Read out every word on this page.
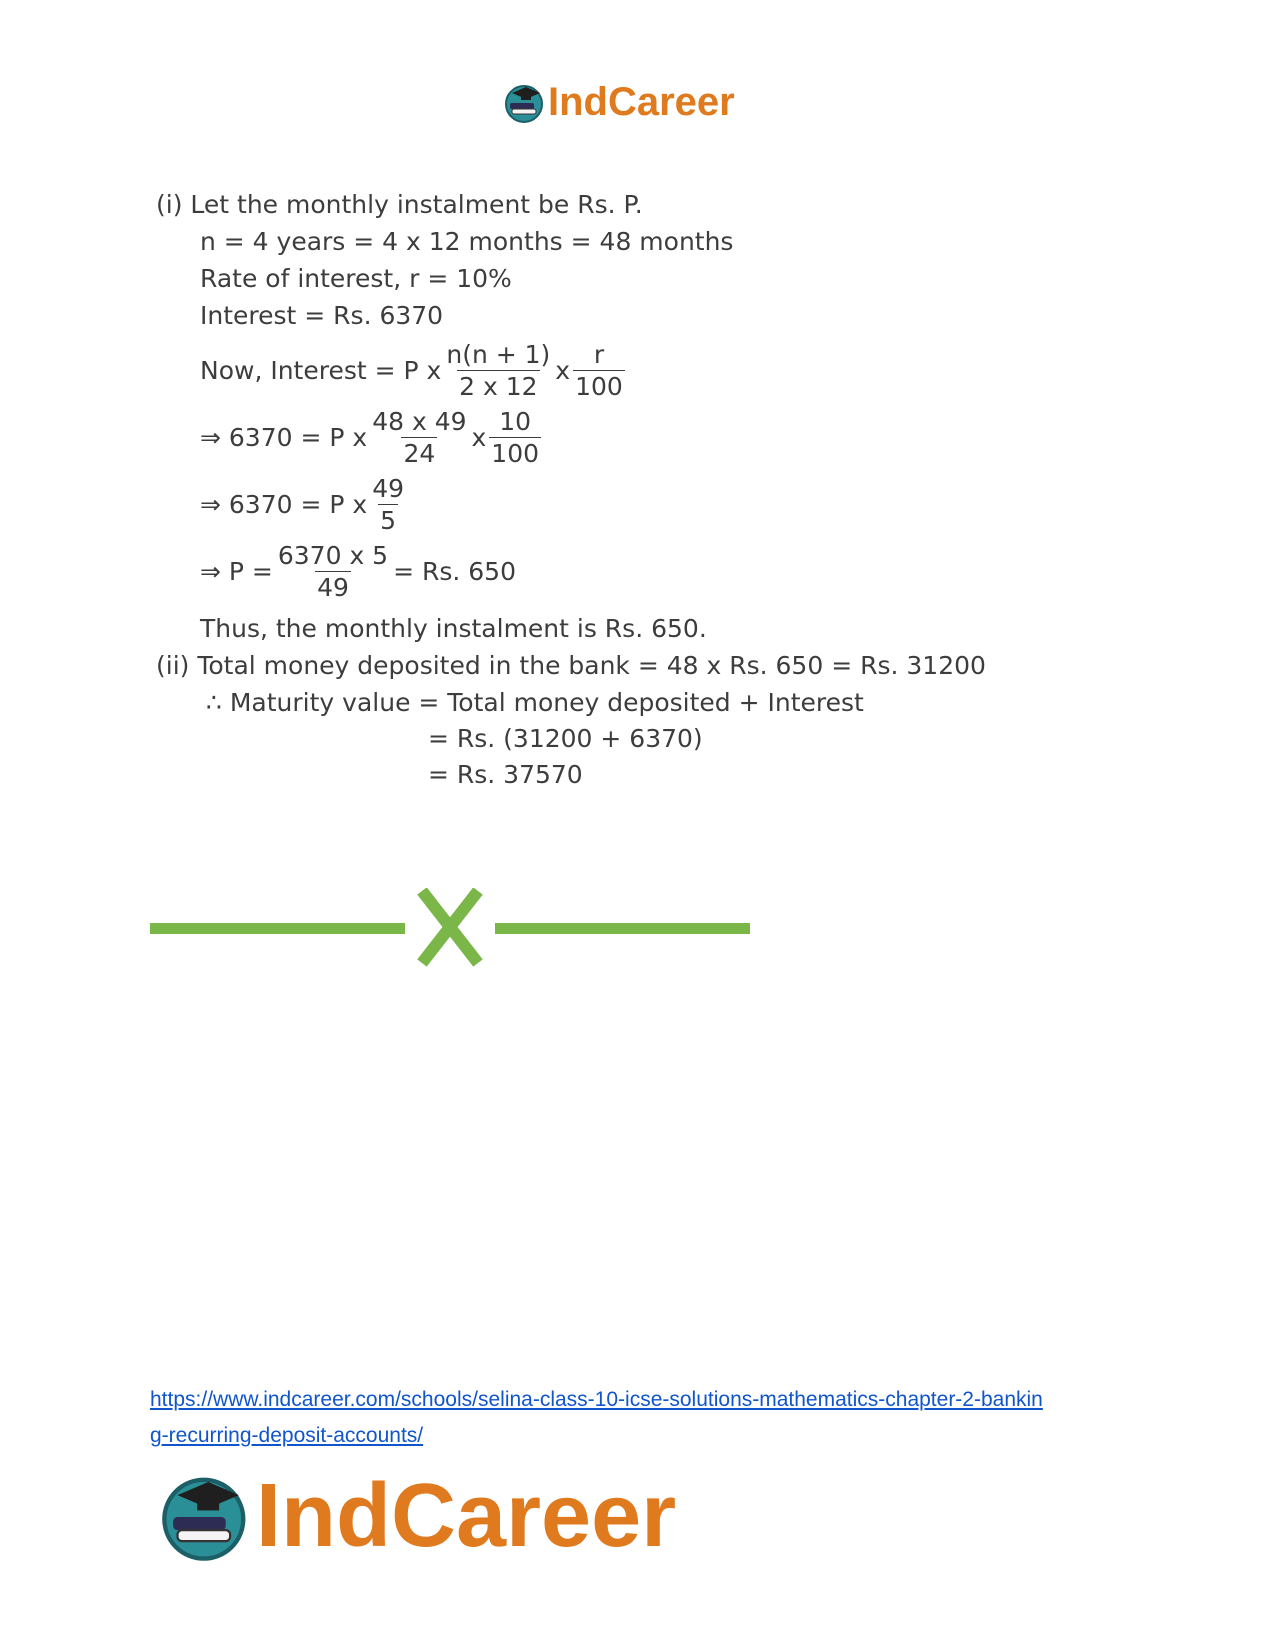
IndCareer
(i) Let the monthly instalment be Rs. P.
n = 4 years = 4 x 12 months = 48 months
Rate of interest, r = 10%
Interest = Rs. 6370
Now, Interest = P x $\frac{n(n + 1)}{2 x 12}$ x $\frac{r}{100}$
⇒ 6370 = P x $\frac{48 x 49}{24}$ x $\frac{10}{100}$
⇒ 6370 = P x $\frac{49}{5}$
⇒ $P = \frac{6370 x 5}{49} = Rs$. 650
Thus, the monthly instalment is Rs. 650.
(ii) Total money deposited in the bank = 48 x Rs. 650 = Rs. 31200
∴ Maturity value = Total money deposited + Interest
= Rs. (31200 + 6370)
= Rs. 37570
https://www.indcareer.com/schools/selina-class-10-icse-solutions-mathematics-chapter-2-bankin
g-recurring-deposit-accounts/
IndCareer
